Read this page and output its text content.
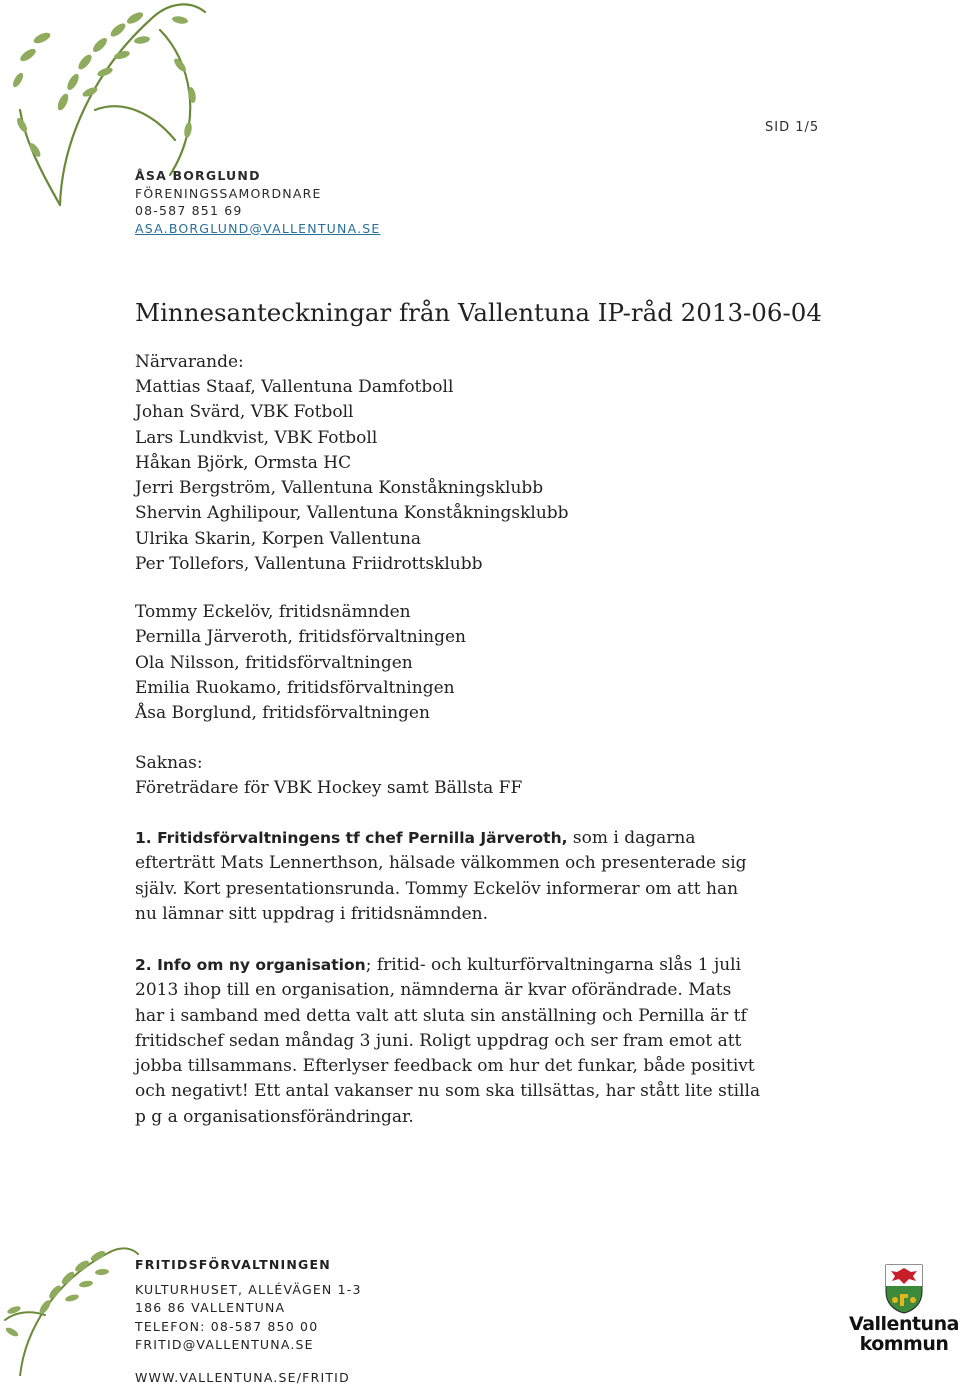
SID 1/5
ÅSA BORGLUND
FÖRENINGSSAMORDNARE
08-587 851 69
ASA.BORGLUND@VALLENTUNA.SE
Minnesanteckningar från Vallentuna IP-råd 2013-06-04
Närvarande:
Mattias Staaf, Vallentuna Damfotboll
Johan Svärd, VBK Fotboll
Lars Lundkvist, VBK Fotboll
Håkan Björk, Ormsta HC
Jerri Bergström, Vallentuna Konståkningsklubb
Shervin Aghilipour, Vallentuna Konståkningsklubb
Ulrika Skarin, Korpen Vallentuna
Per Tollefors, Vallentuna Friidrottsklubb
Tommy Eckelöv, fritidsnämnden
Pernilla Järveroth, fritidsförvaltningen
Ola Nilsson, fritidsförvaltningen
Emilia Ruokamo, fritidsförvaltningen
Åsa Borglund, fritidsförvaltningen
Saknas:
Företrädare för VBK Hockey samt Bällsta FF
1. Fritidsförvaltningens tf chef Pernilla Järveroth, som i dagarna
efterträtt Mats Lennerthson, hälsade välkommen och presenterade sig
själv. Kort presentationsrunda. Tommy Eckelöv informerar om att han
nu lämnar sitt uppdrag i fritidsnämnden.
2. Info om ny organisation; fritid- och kulturförvaltningarna slås 1 juli
2013 ihop till en organisation, nämnderna är kvar oförändrade. Mats
har i samband med detta valt att sluta sin anställning och Pernilla är tf
fritidschef sedan måndag 3 juni. Roligt uppdrag och ser fram emot att
jobba tillsammans. Efterlyser feedback om hur det funkar, både positivt
och negativt! Ett antal vakanser nu som ska tillsättas, har stått lite stilla
p g a organisationsförändringar.
FRITIDSFÖRVALTNINGEN
KULTURHUSET, ALLÉVÄGEN 1-3
186 86 VALLENTUNA
TELEFON: 08-587 850 00
FRITID@VALLENTUNA.SE
WWW.VALLENTUNA.SE/FRITID
Vallentuna
kommun
